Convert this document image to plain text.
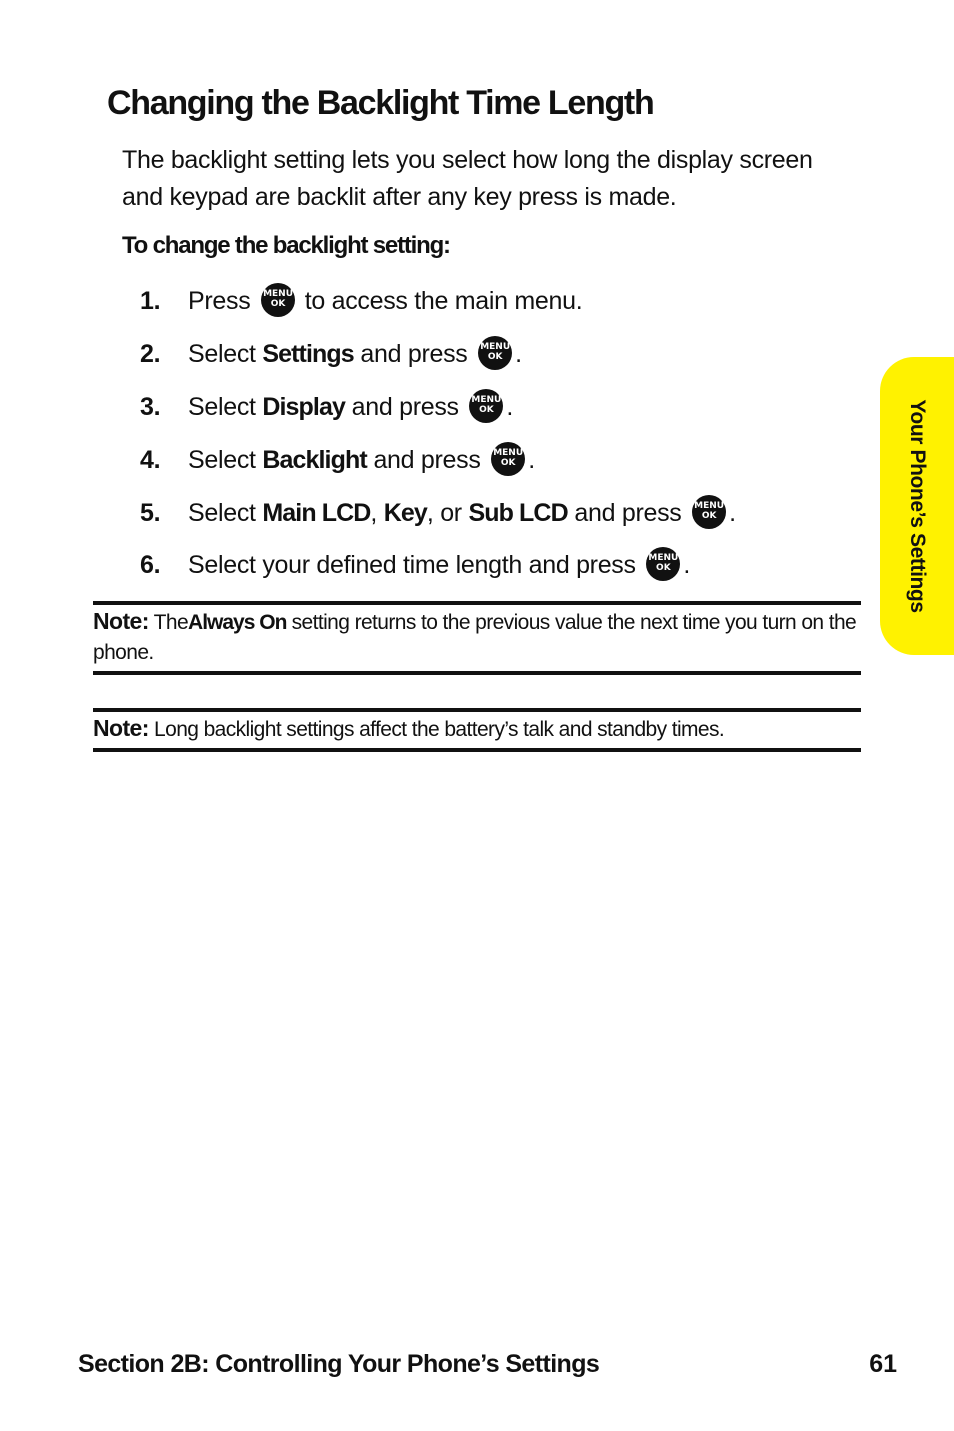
Changing the Backlight Time Length

The backlight setting lets you select how long the display screen and keypad are backlit after any key press is made.

To change the backlight setting:

1. Press MENU
OK to access the main menu.
2. Select Settings and press MENU
OK .
3. Select Display and press MENU
OK .
4. Select Backlight and press MENU
OK .
5. Select Main LCD, Key, or Sub LCD and press MENU
OK .
6. Select your defined time length and press MENU
OK .

Note: TheAlways On setting returns to the previous value the next time you turn on the phone.

Note: Long backlight settings affect the battery’s talk and standby times.

Your Phone’s Settings

Section 2B: Controlling Your Phone’s Settings	61
